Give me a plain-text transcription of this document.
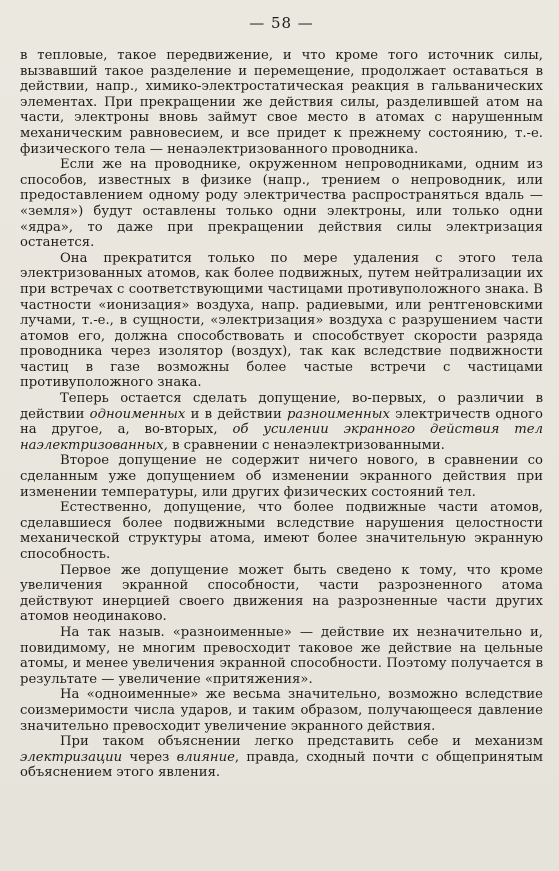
— 58 —

в тепловые, такое передвижение, и что кроме того источник силы, вызвавший такое разделение и перемещение, продолжает оставаться в действии, напр., химико-электростатическая реакция в гальванических элементах. При прекращении же действия силы, разделившей атом на части, электроны вновь займут свое место в атомах с нарушенным механическим равновесием, и все придет к прежнему состоянию, т.-е. физического тела — ненаэлектризованного проводника.

Если же на проводнике, окруженном непроводниками, одним из способов, известных в физике (напр., трением о непроводник, или предоставлением одному роду электричества распространяться вдаль — «земля») будут оставлены только одни электроны, или только одни «ядра», то даже при прекращении действия силы электризация останется.

Она прекратится только по мере удаления с этого тела электризованных атомов, как более подвижных, путем нейтрализации их при встречах с соответствующими частицами противуположного знака. В частности «ионизация» воздуха, напр. радиевыми, или рентгеновскими лучами, т.-е., в сущности, «электризация» воздуха с разрушением части атомов его, должна способствовать и способствует скорости разряда проводника через изолятор (воздух), так как вследствие подвижности частиц в газе возможны более частые встречи с частицами противуположного знака.

Теперь остается сделать допущение, во-первых, о различии в действии одноименных и в действии разноименных электричеств одного на другое, а, во-вторых, об усилении экранного действия тел наэлектризованных, в сравнении с ненаэлектризованными.

Второе допущение не содержит ничего нового, в сравнении со сделанным уже допущением об изменении экранного действия при изменении температуры, или других физических состояний тел.

Естественно, допущение, что более подвижные части атомов, сделавшиеся более подвижными вследствие нарушения целостности механической структуры атома, имеют более значительную экранную способность.

Первое же допущение может быть сведено к тому, что кроме увеличения экранной способности, части разрозненного атома действуют инерцией своего движения на разрозненные части других атомов неодинаково.

На так назыв. «разноименные» — действие их незначительно и, повидимому, не многим превосходит таковое же действие на цельные атомы, и менее увеличения экранной способности. Поэтому получается в результате — увеличение «притяжения».

На «одноименные» же весьма значительно, возможно вследствие соизмеримости числа ударов, и таким образом, получающееся давление значительно превосходит увеличение экранного действия.

При таком объяснении легко представить себе и механизм электризации через влияние, правда, сходный почти с общепринятым объяснением этого явления.
